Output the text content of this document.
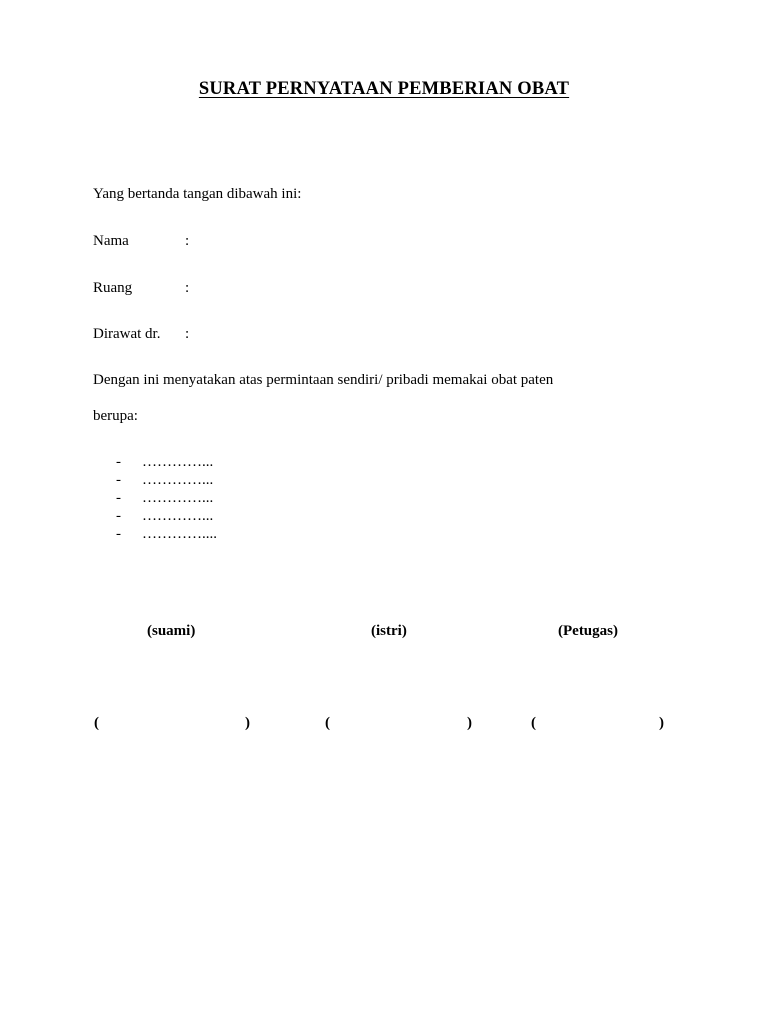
SURAT PERNYATAAN PEMBERIAN OBAT
Yang bertanda tangan dibawah ini:
Nama	:
Ruang	:
Dirawat dr. :
Dengan ini menyatakan atas permintaan sendiri/ pribadi memakai obat paten
berupa:
- …………...
- …………...
- …………...
- …………...
- …………....
(suami)	(istri)	(Petugas)
(	)	(	)	(	)
